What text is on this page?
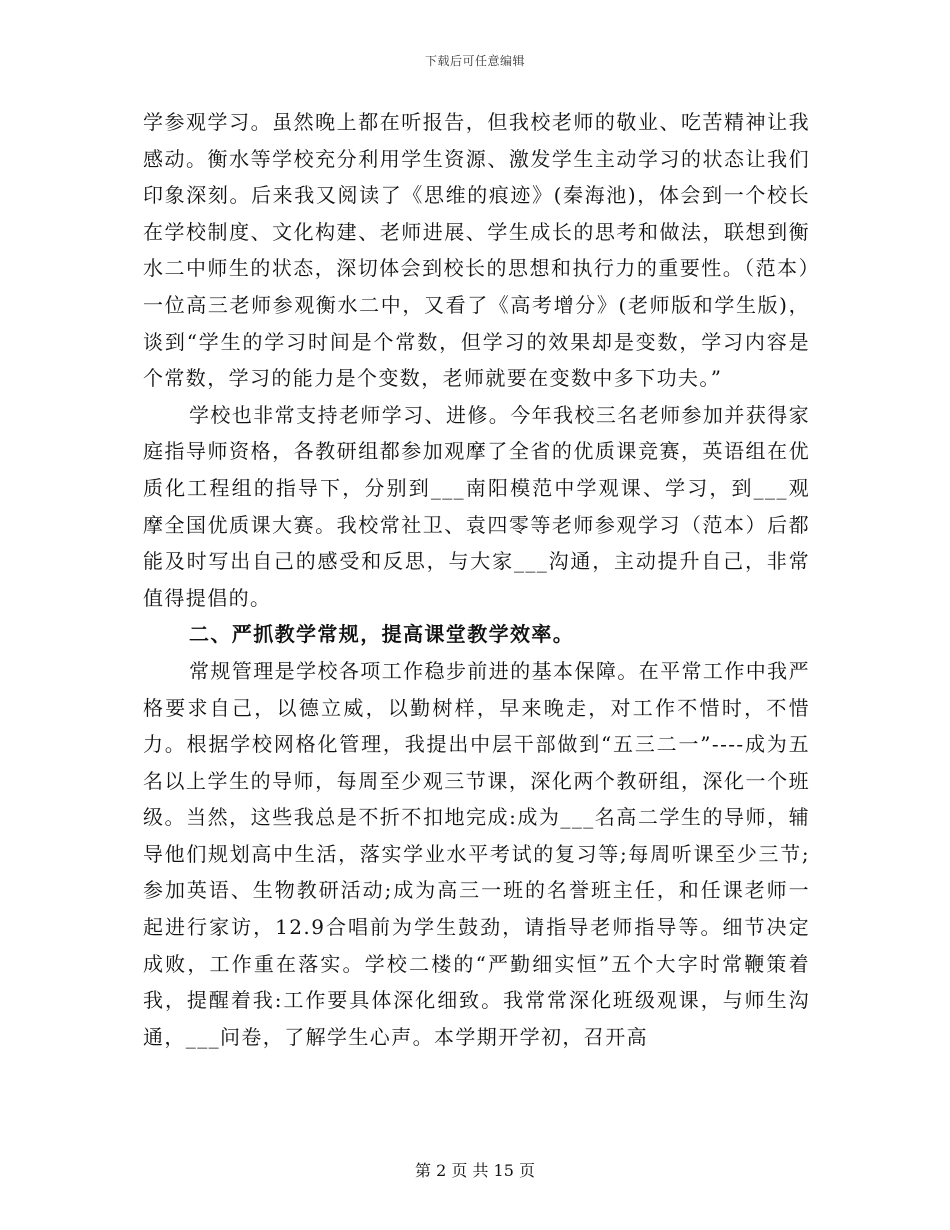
下载后可任意编辑

学参观学习。虽然晚上都在听报告，但我校老师的敬业、吃苦精神让我感动。衡水等学校充分利用学生资源、激发学生主动学习的状态让我们印象深刻。后来我又阅读了《思维的痕迹》(秦海池)，体会到一个校长在学校制度、文化构建、老师进展、学生成长的思考和做法，联想到衡水二中师生的状态，深切体会到校长的思想和执行力的重要性。（范本）一位高三老师参观衡水二中，又看了《高考增分》(老师版和学生版)，谈到“学生的学习时间是个常数，但学习的效果却是变数，学习内容是个常数，学习的能力是个变数，老师就要在变数中多下功夫。”

学校也非常支持老师学习、进修。今年我校三名老师参加并获得家庭指导师资格，各教研组都参加观摩了全省的优质课竞赛，英语组在优质化工程组的指导下，分别到___南阳模范中学观课、学习，到___观摩全国优质课大赛。我校常社卫、袁四零等老师参观学习（范本）后都能及时写出自己的感受和反思，与大家___沟通，主动提升自己，非常值得提倡的。

二、严抓教学常规，提高课堂教学效率。

常规管理是学校各项工作稳步前进的基本保障。在平常工作中我严格要求自己，以德立威，以勤树样，早来晚走，对工作不惜时，不惜力。根据学校网格化管理，我提出中层干部做到“五三二一”----成为五名以上学生的导师，每周至少观三节课，深化两个教研组，深化一个班级。当然，这些我总是不折不扣地完成:成为___名高二学生的导师，辅导他们规划高中生活，落实学业水平考试的复习等;每周听课至少三节;参加英语、生物教研活动;成为高三一班的名誉班主任，和任课老师一起进行家访，12.9合唱前为学生鼓劲，请指导老师指导等。细节决定成败，工作重在落实。学校二楼的“严勤细实恒”五个大字时常鞭策着我，提醒着我:工作要具体深化细致。我常常深化班级观课，与师生沟通，___问卷，了解学生心声。本学期开学初，召开高

第 2 页 共 15 页
